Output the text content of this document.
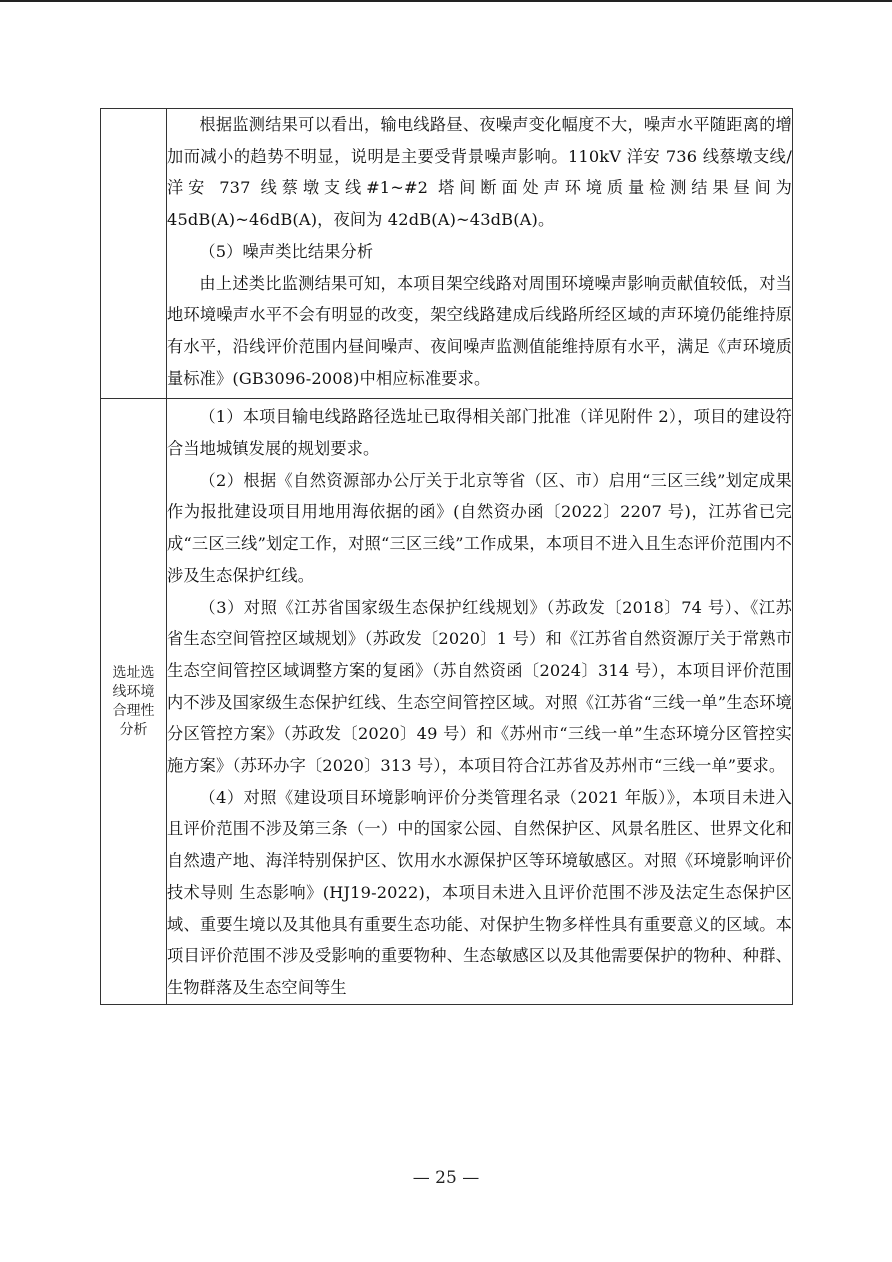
	根据监测结果可以看出，输电线路昼、夜噪声变化幅度不大，噪声水平随距离的增加而减小的趋势不明显，说明是主要受背景噪声影响。110kV 洋安 736 线蔡墩支线/洋安 737 线蔡墩支线#1~#2 塔间断面处声环境质量检测结果昼间为 45dB(A)~46dB(A)，夜间为 42dB(A)~43dB(A)。

（5）噪声类比结果分析

由上述类比监测结果可知，本项目架空线路对周围环境噪声影响贡献值较低，对当地环境噪声水平不会有明显的改变，架空线路建成后线路所经区域的声环境仍能维持原有水平，沿线评价范围内昼间噪声、夜间噪声监测值能维持原有水平，满足《声环境质量标准》(GB3096-2008)中相应标准要求。

选址选线环境合理性分析	（1）本项目输电线路路径选址已取得相关部门批准（详见附件 2），项目的建设符合当地城镇发展的规划要求。

（2）根据《自然资源部办公厅关于北京等省（区、市）启用“三区三线”划定成果作为报批建设项目用地用海依据的函》(自然资办函〔2022〕2207 号)，江苏省已完成“三区三线”划定工作，对照“三区三线”工作成果，本项目不进入且生态评价范围内不涉及生态保护红线。

（3）对照《江苏省国家级生态保护红线规划》（苏政发〔2018〕74 号）、《江苏省生态空间管控区域规划》（苏政发〔2020〕1 号）和《江苏省自然资源厅关于常熟市生态空间管控区域调整方案的复函》（苏自然资函〔2024〕314 号），本项目评价范围内不涉及国家级生态保护红线、生态空间管控区域。对照《江苏省“三线一单”生态环境分区管控方案》（苏政发〔2020〕49 号）和《苏州市“三线一单”生态环境分区管控实施方案》（苏环办字〔2020〕313 号），本项目符合江苏省及苏州市“三线一单”要求。

（4）对照《建设项目环境影响评价分类管理名录（2021 年版）》，本项目未进入且评价范围不涉及第三条（一）中的国家公园、自然保护区、风景名胜区、世界文化和自然遗产地、海洋特别保护区、饮用水水源保护区等环境敏感区。对照《环境影响评价技术导则 生态影响》(HJ19-2022)，本项目未进入且评价范围不涉及法定生态保护区域、重要生境以及其他具有重要生态功能、对保护生物多样性具有重要意义的区域。本项目评价范围不涉及受影响的重要物种、生态敏感区以及其他需要保护的物种、种群、生物群落及生态空间等生

— 25 —
